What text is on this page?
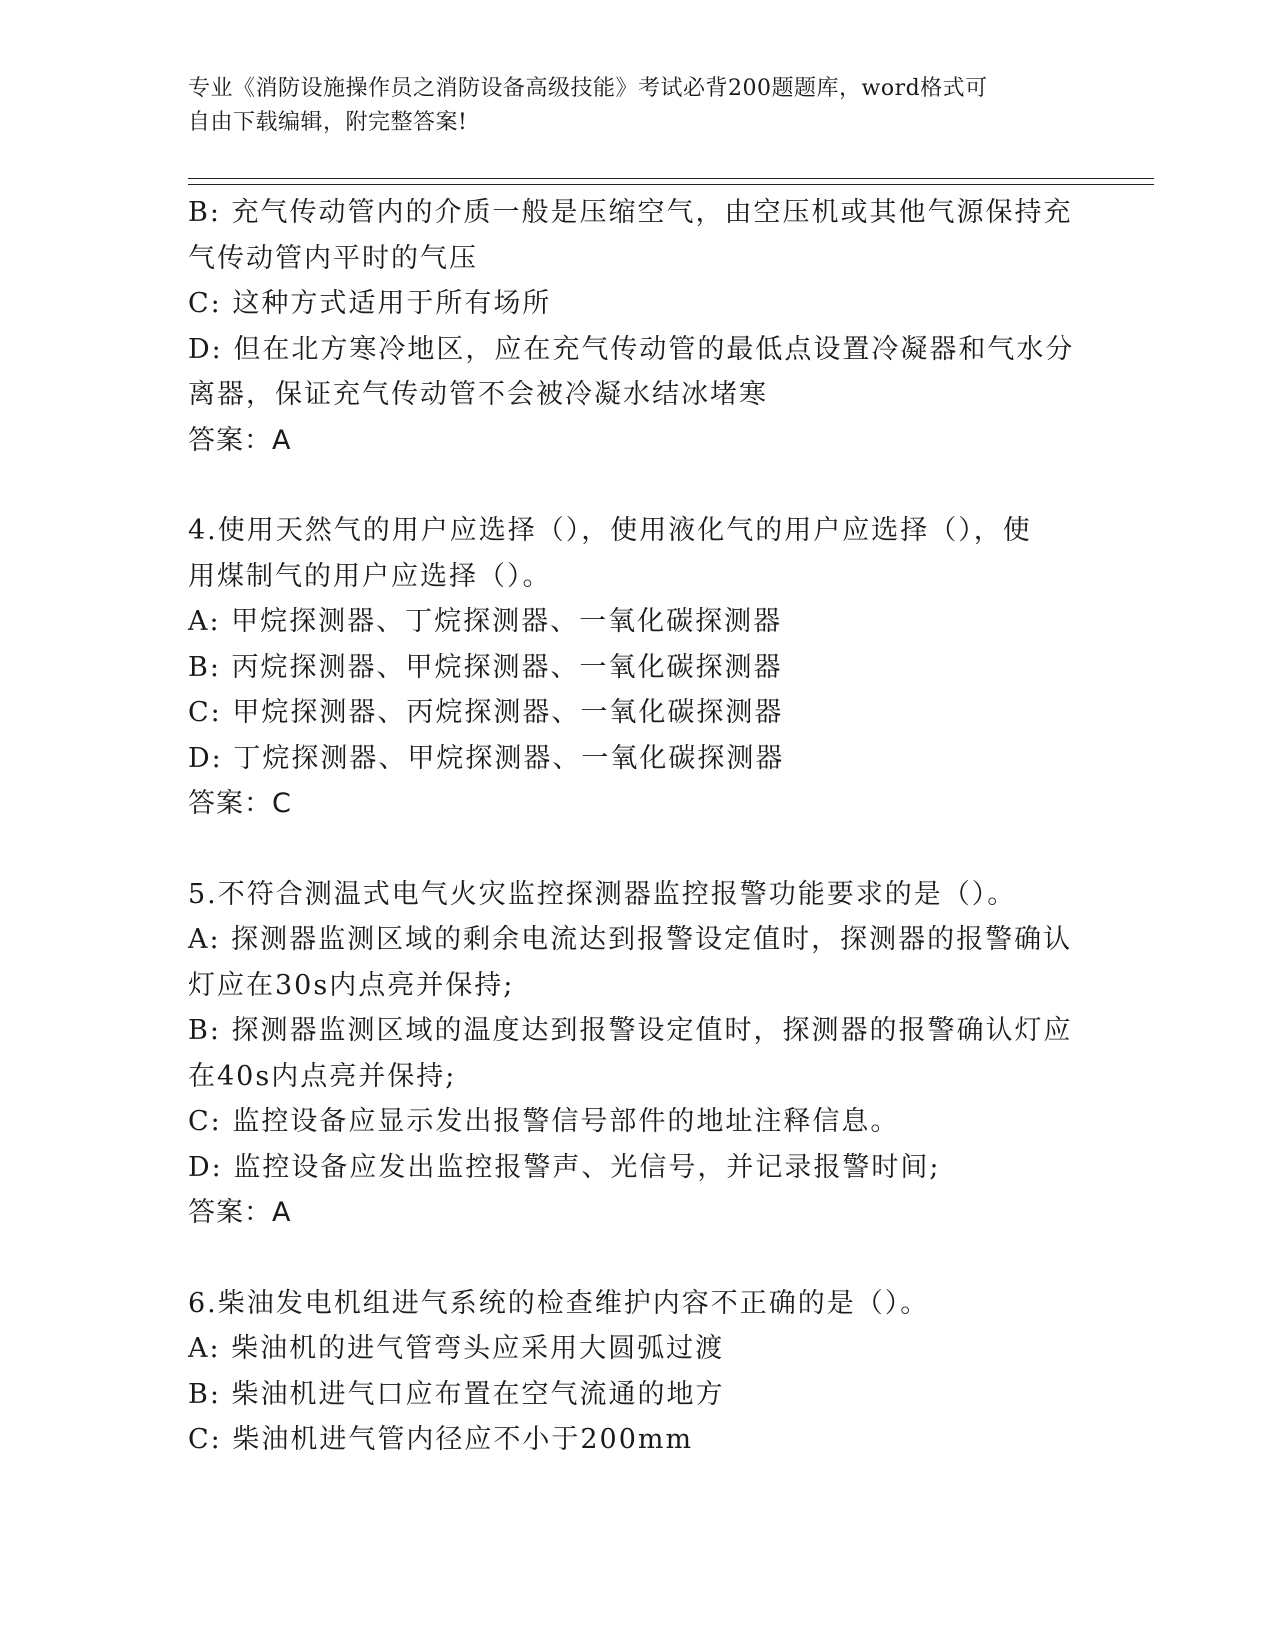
专业《消防设施操作员之消防设备高级技能》考试必背200题题库，word格式可
自由下载编辑，附完整答案!

B: 充气传动管内的介质一般是压缩空气，由空压机或其他气源保持充

气传动管内平时的气压

C: 这种方式适用于所有场所

D: 但在北方寒冷地区，应在充气传动管的最低点设置冷凝器和气水分

离器，保证充气传动管不会被冷凝水结冰堵寒

答案：A

4.使用天然气的用户应选择（），使用液化气的用户应选择（），使

用煤制气的用户应选择（）。

A: 甲烷探测器、丁烷探测器、一氧化碳探测器

B: 丙烷探测器、甲烷探测器、一氧化碳探测器

C: 甲烷探测器、丙烷探测器、一氧化碳探测器

D: 丁烷探测器、甲烷探测器、一氧化碳探测器

答案：C

5.不符合测温式电气火灾监控探测器监控报警功能要求的是（）。

A: 探测器监测区域的剩余电流达到报警设定值时，探测器的报警确认

灯应在30s内点亮并保持;

B: 探测器监测区域的温度达到报警设定值时，探测器的报警确认灯应

在40s内点亮并保持;

C: 监控设备应显示发出报警信号部件的地址注释信息。

D: 监控设备应发出监控报警声、光信号，并记录报警时间;

答案：A

6.柴油发电机组进气系统的检查维护内容不正确的是（）。

A: 柴油机的进气管弯头应采用大圆弧过渡

B: 柴油机进气口应布置在空气流通的地方

C: 柴油机进气管内径应不小于200mm
